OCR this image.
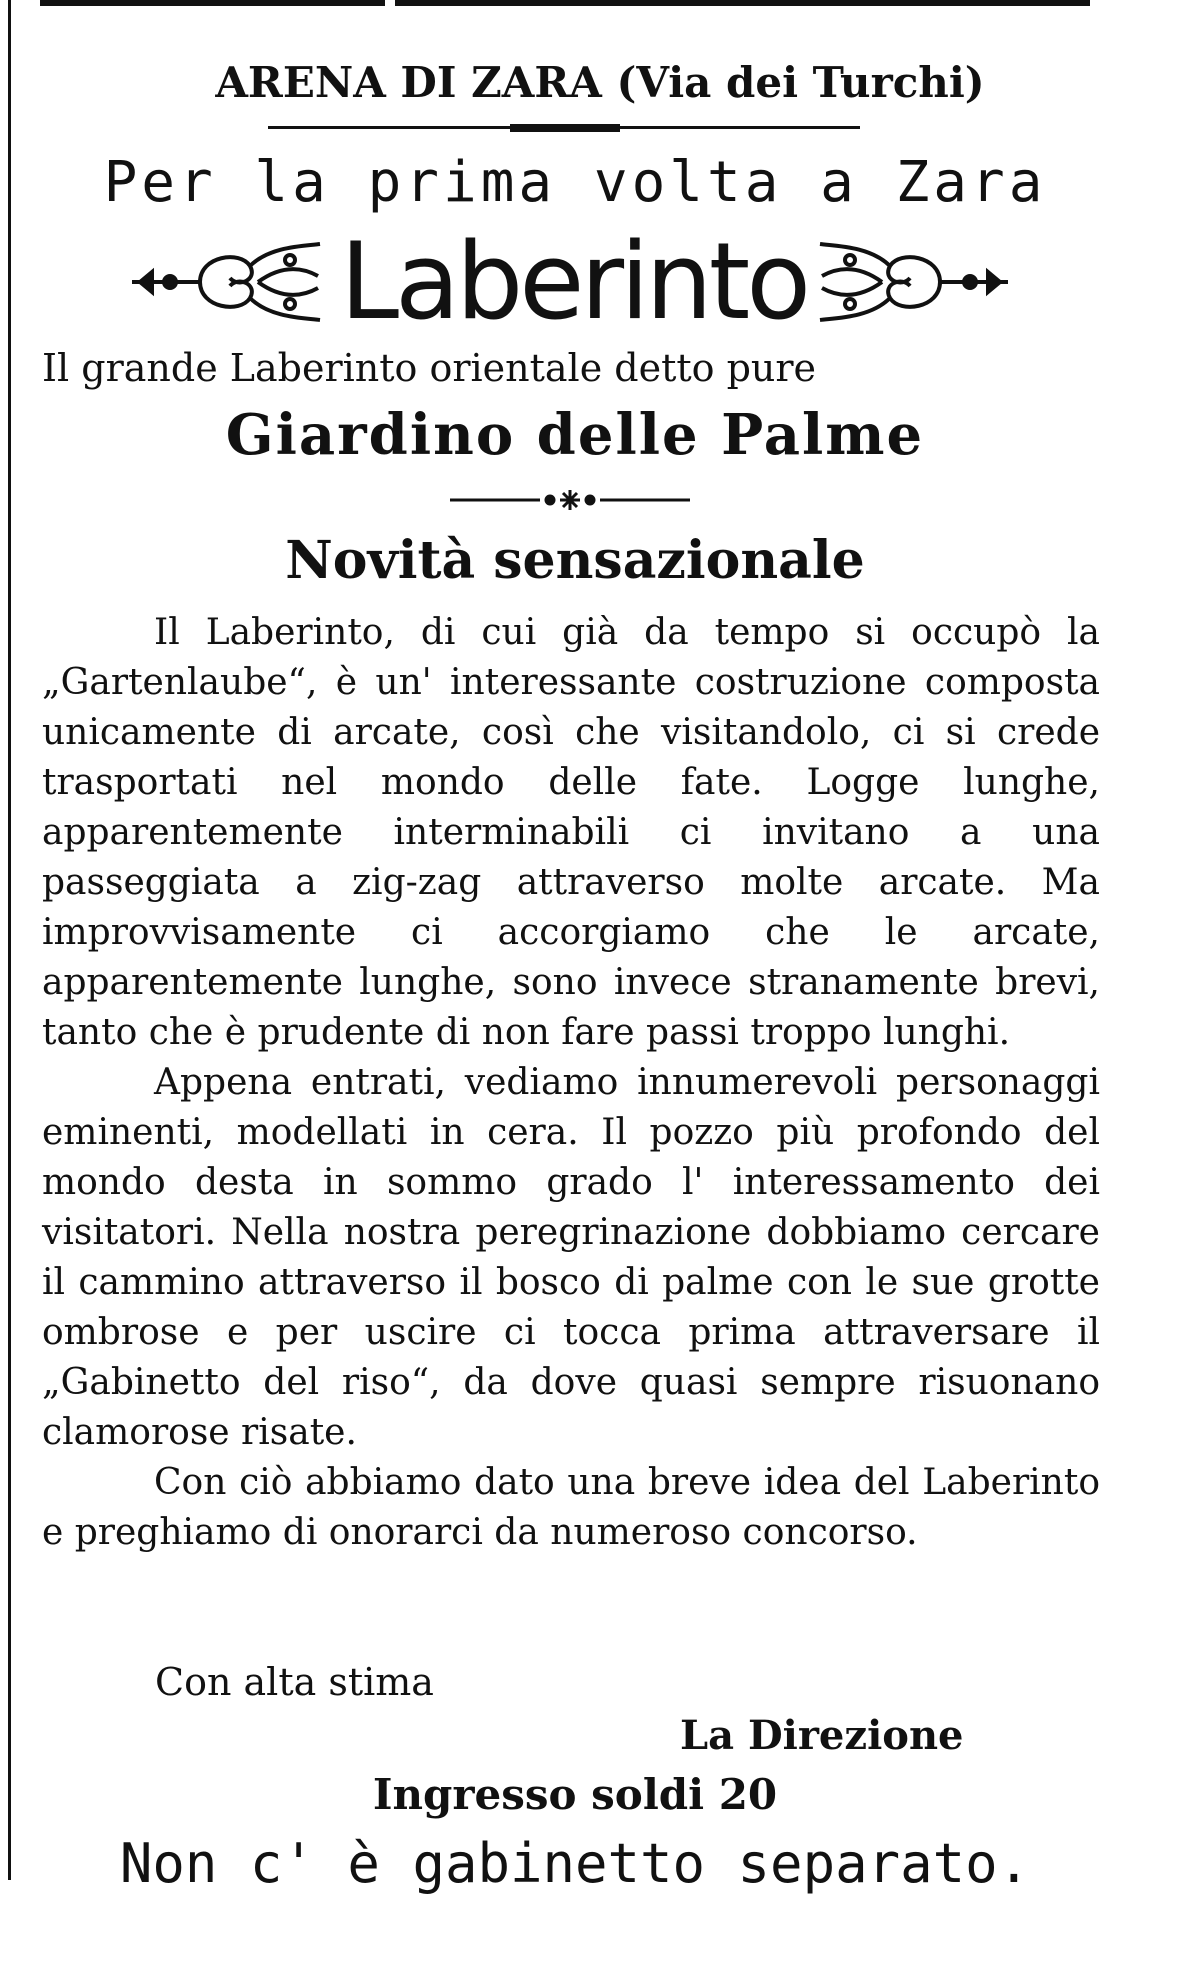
ARENA DI ZARA (Via dei Turchi)
Per la prima volta a Zara
Laberinto
Il grande Laberinto orientale detto pure
Giardino delle Palme
Novità sensazionale

Il Laberinto, di cui già da tempo si occupò la „Gartenlaube“, è un' interessante costruzione composta unicamente di arcate, così che visitandolo, ci si crede trasportati nel mondo delle fate. Logge lunghe, apparentemente interminabili ci invitano a una passeggiata a zig-zag attraverso molte arcate. Ma improvvisamente ci accorgiamo che le arcate, apparentemente lunghe, sono invece stranamente brevi, tanto che è prudente di non fare passi troppo lunghi.

Appena entrati, vediamo innumerevoli personaggi eminenti, modellati in cera. Il pozzo più profondo del mondo desta in sommo grado l' interessamento dei visitatori. Nella nostra peregrinazione dobbiamo cercare il cammino attraverso il bosco di palme con le sue grotte ombrose e per uscire ci tocca prima attraversare il „Gabinetto del riso“, da dove quasi sempre risuonano clamorose risate.

Con ciò abbiamo dato una breve idea del Laberinto e preghiamo di onorarci da numeroso concorso.

Con alta stima
La Direzione
Ingresso soldi 20
Non c' è gabinetto separato.
